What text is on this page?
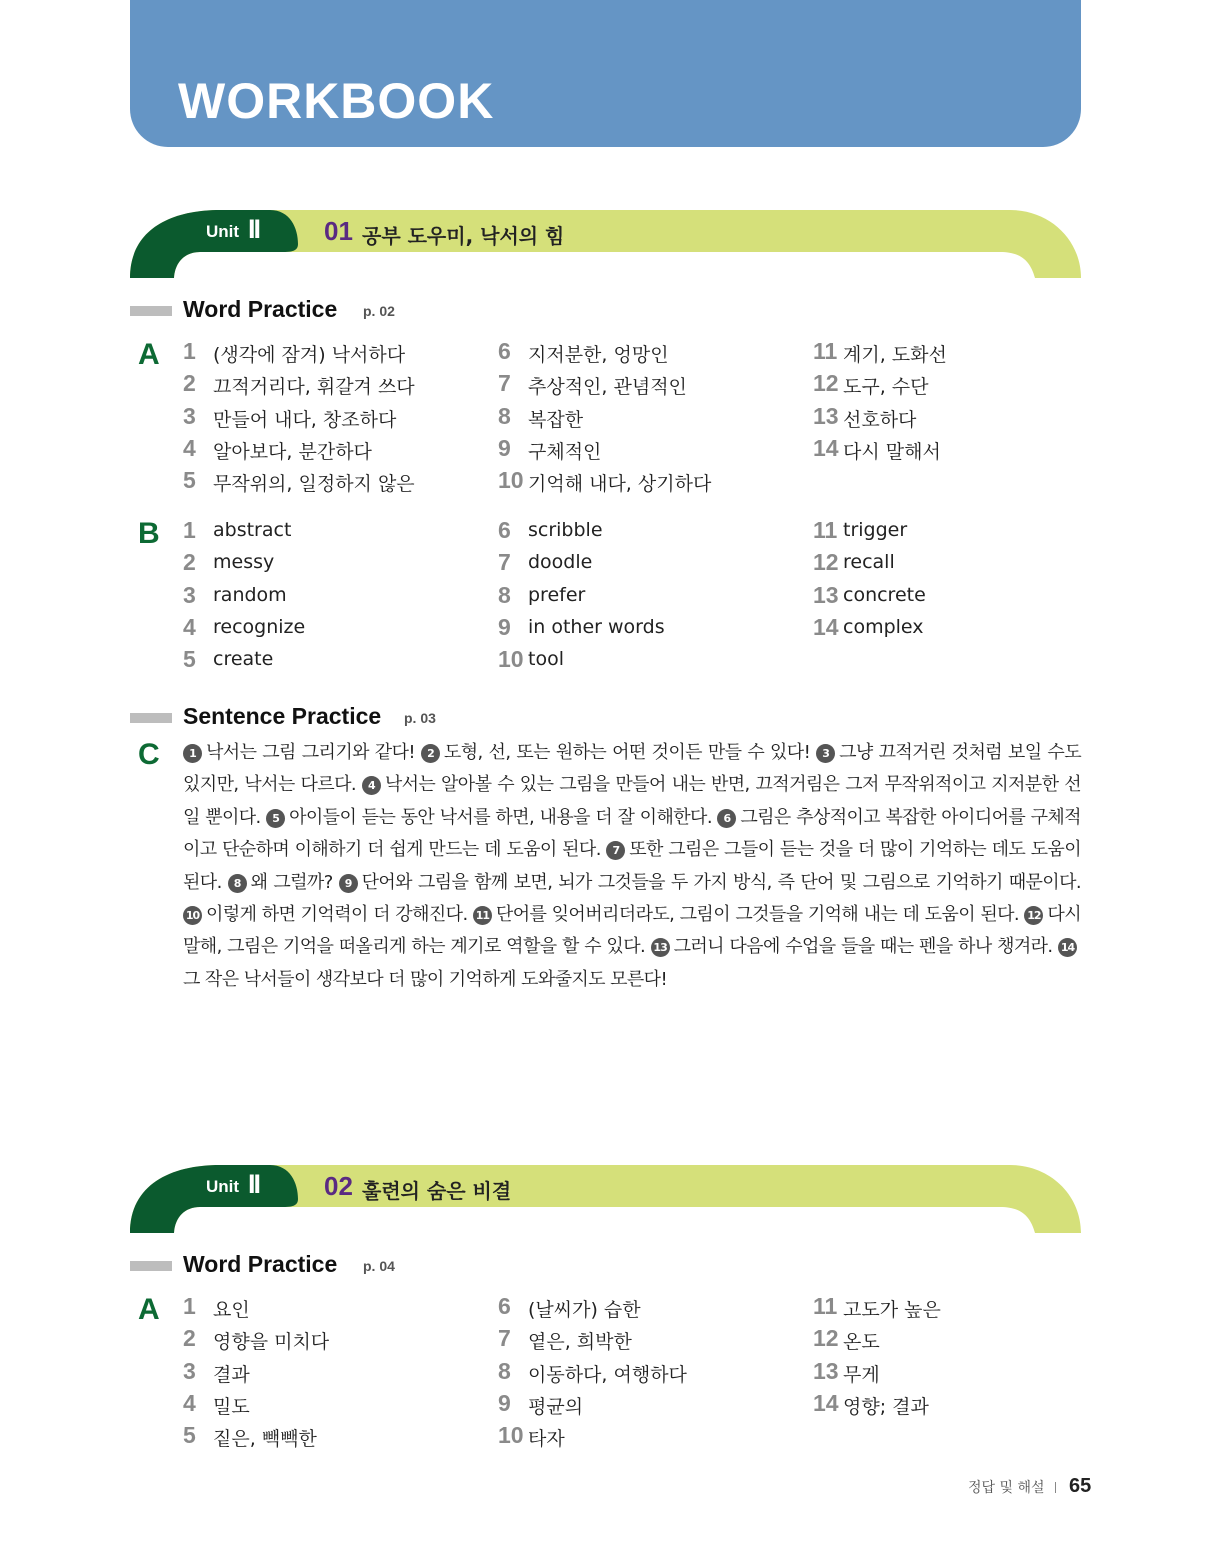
WORKBOOK
Unit II 01 공부 도우미, 낙서의 힘
Word Practice p. 02
A 1 (생각에 잠겨) 낙서하다
2 끄적거리다, 휘갈겨 쓰다
3 만들어 내다, 창조하다
4 알아보다, 분간하다
5 무작위의, 일정하지 않은
6 지저분한, 엉망인
7 추상적인, 관념적인
8 복잡한
9 구체적인
10 기억해 내다, 상기하다
11 계기, 도화선
12 도구, 수단
13 선호하다
14 다시 말해서
B 1 abstract
2 messy
3 random
4 recognize
5 create
6 scribble
7 doodle
8 prefer
9 in other words
10 tool
11 trigger
12 recall
13 concrete
14 complex
Sentence Practice p. 03
C	1 낙서는 그림 그리기와 같다! 2 도형, 선, 또는 원하는 어떤 것이든 만들 수 있다! 3 그냥 끄적거린 것처럼 보일 수도 있지만, 낙서는 다르다. 4 낙서는 알아볼 수 있는 그림을 만들어 내는 반면, 끄적거림은 그저 무작위적이고 지저분한 선일 뿐이다. 5 아이들이 듣는 동안 낙서를 하면, 내용을 더 잘 이해한다. 6 그림은 추상적이고 복잡한 아이디어를 구체적이고 단순하며 이해하기 더 쉽게 만드는 데 도움이 된다. 7 또한 그림은 그들이 듣는 것을 더 많이 기억하는 데도 도움이 된다. 8 왜 그럴까? 9 단어와 그림을 함께 보면, 뇌가 그것들을 두 가지 방식, 즉 단어 및 그림으로 기억하기 때문이다. 10 이렇게 하면 기억력이 더 강해진다. 11 단어를 잊어버리더라도, 그림이 그것들을 기억해 내는 데 도움이 된다. 12 다시 말해, 그림은 기억을 떠올리게 하는 계기로 역할을 할 수 있다. 13 그러니 다음에 수업을 들을 때는 펜을 하나 챙겨라. 14그 작은 낙서들이 생각보다 더 많이 기억하게 도와줄지도 모른다!
Unit II 02 훌련의 숨은 비결
Word Practice p. 04
A 1 요인
2 영향을 미치다
3 결과
4 밀도
5 짙은, 빽빽한
6 (날씨가) 습한
7 옅은, 희박한
8 이동하다, 여행하다
9 평균의
10 타자
11 고도가 높은
12 온도
13 무게
14 영향; 결과
정답 및 해설 65
